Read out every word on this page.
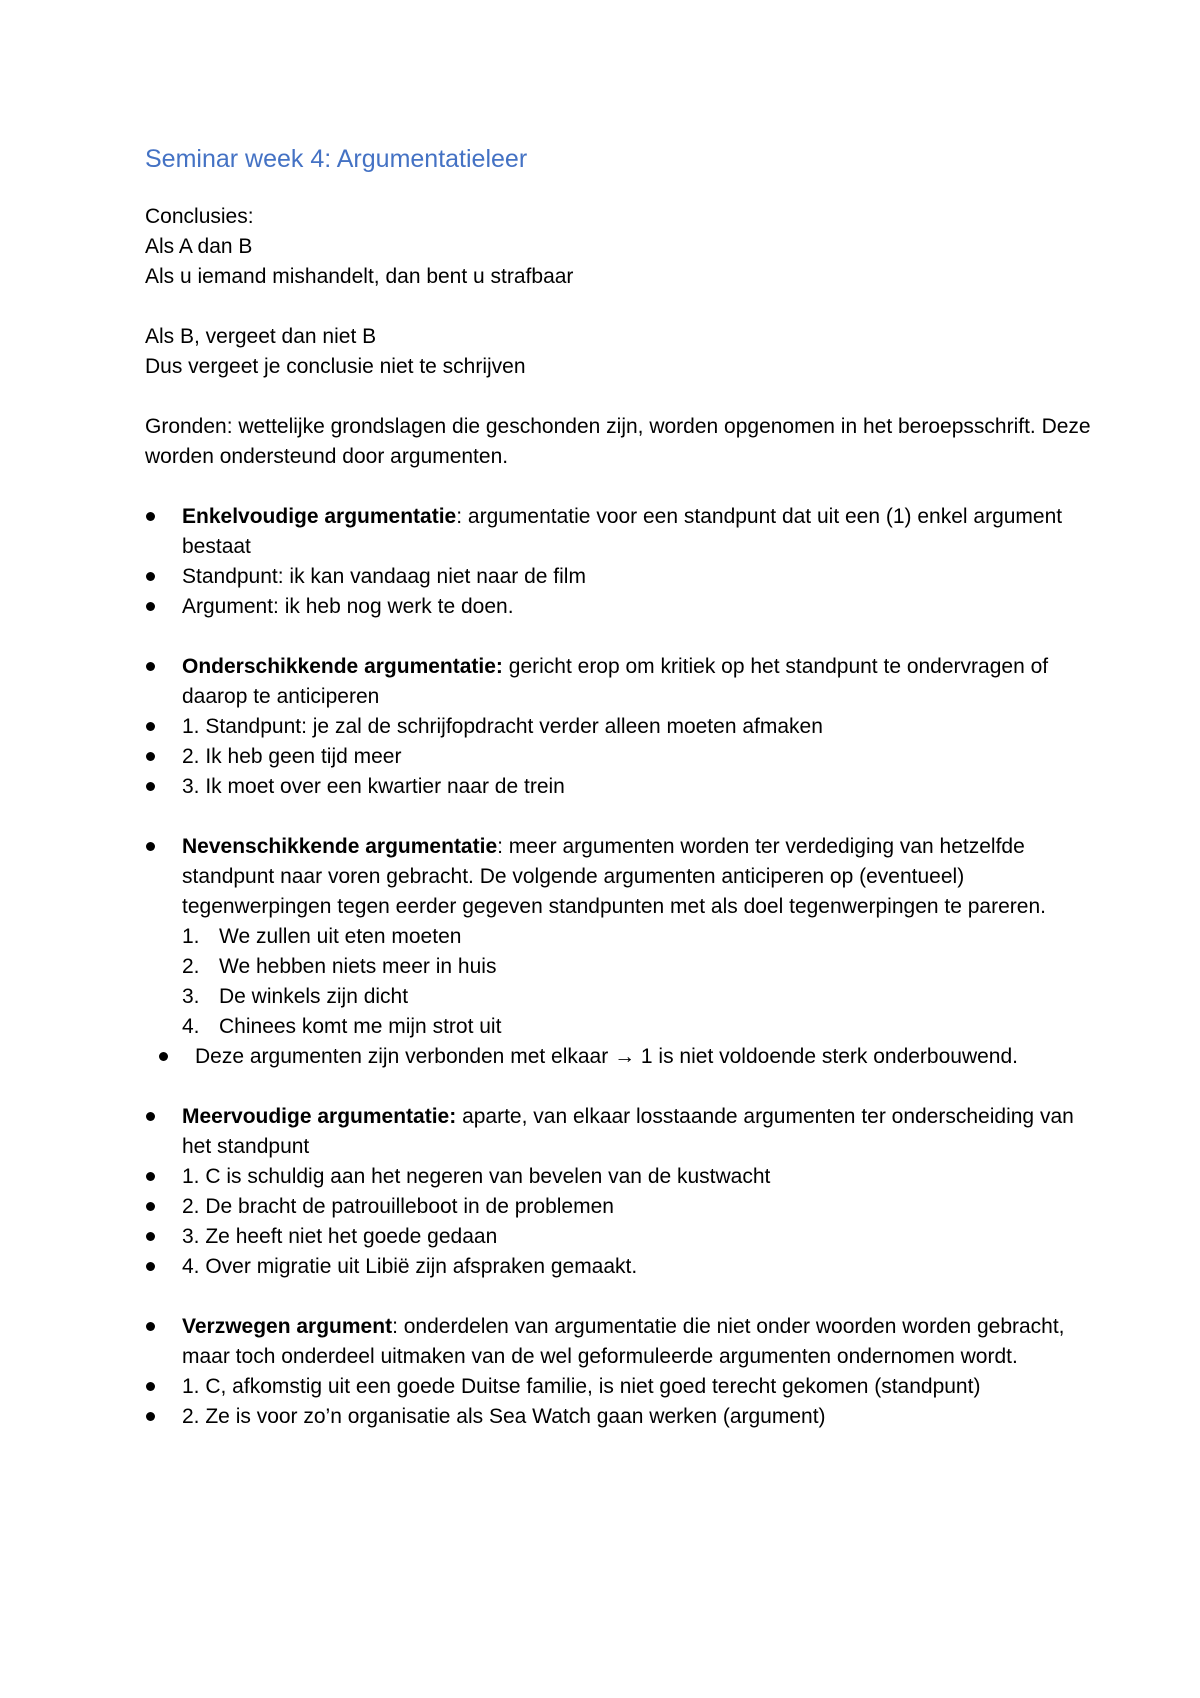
Seminar week 4: Argumentatieleer

Conclusies:

Als A dan B

Als u iemand mishandelt, dan bent u strafbaar

Als B, vergeet dan niet B

Dus vergeet je conclusie niet te schrijven

Gronden: wettelijke grondslagen die geschonden zijn, worden opgenomen in het beroepsschrift. Deze worden ondersteund door argumenten.

Enkelvoudige argumentatie: argumentatie voor een standpunt dat uit een (1) enkel argument bestaat
Standpunt: ik kan vandaag niet naar de film
Argument: ik heb nog werk te doen.
Onderschikkende argumentatie: gericht erop om kritiek op het standpunt te ondervragen of daarop te anticiperen
1. Standpunt: je zal de schrijfopdracht verder alleen moeten afmaken
2. Ik heb geen tijd meer
3. Ik moet over een kwartier naar de trein
Nevenschikkende argumentatie: meer argumenten worden ter verdediging van hetzelfde standpunt naar voren gebracht. De volgende argumenten anticiperen op (eventueel) tegenwerpingen tegen eerder gegeven standpunten met als doel tegenwerpingen te pareren.
1. We zullen uit eten moeten
2. We hebben niets meer in huis
3. De winkels zijn dicht
4. Chinees komt me mijn strot uit
Deze argumenten zijn verbonden met elkaar → 1 is niet voldoende sterk onderbouwend.
Meervoudige argumentatie: aparte, van elkaar losstaande argumenten ter onderscheiding van het standpunt
1. C is schuldig aan het negeren van bevelen van de kustwacht
2. De bracht de patrouilleboot in de problemen
3. Ze heeft niet het goede gedaan
4. Over migratie uit Libië zijn afspraken gemaakt.
Verzwegen argument: onderdelen van argumentatie die niet onder woorden worden gebracht, maar toch onderdeel uitmaken van de wel geformuleerde argumenten ondernomen wordt.
1. C, afkomstig uit een goede Duitse familie, is niet goed terecht gekomen (standpunt)
2. Ze is voor zo’n organisatie als Sea Watch gaan werken (argument)
